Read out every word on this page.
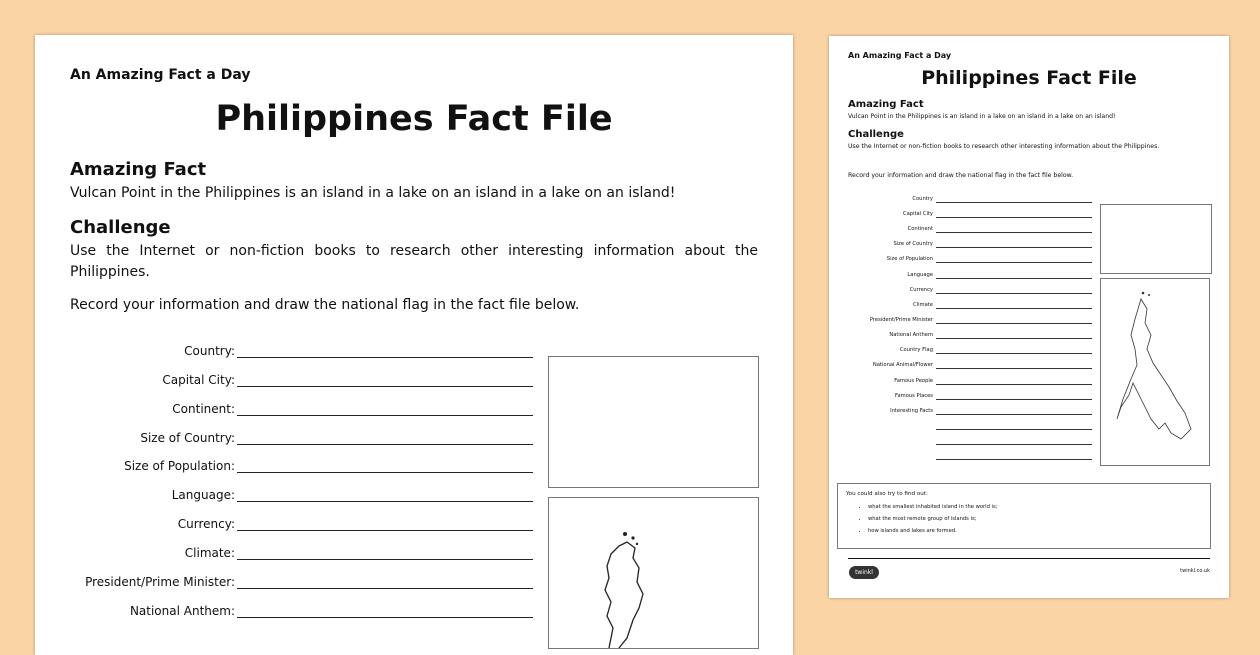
An Amazing Fact a Day
Philippines Fact File
Amazing Fact
Vulcan Point in the Philippines is an island in a lake on an island in a lake on an island!
Challenge
Use the Internet or non-fiction books to research other interesting information about the Philippines.
Record your information and draw the national flag in the fact file below.
Country:
Capital City:
Continent:
Size of Country:
Size of Population:
Language:
Currency:
Climate:
President/Prime Minister:
National Anthem:
An Amazing Fact a Day
Philippines Fact File
Amazing Fact
Vulcan Point in the Philippines is an island in a lake on an island in a lake on an island!
Challenge
Use the Internet or non-fiction books to research other interesting information about the Philippines.
Record your information and draw the national flag in the fact file below.
Country
Capital City
Continent
Size of Country
Size of Population
Language
Currency
Climate
President/Prime Minister
National Anthem
Country Flag
National Animal/Flower
Famous People
Famous Places
Interesting Facts
You could also try to find out:
• what the smallest inhabited island in the world is;
• what the most remote group of islands is;
• how islands and lakes are formed.
twinkl	twinkl.co.uk
